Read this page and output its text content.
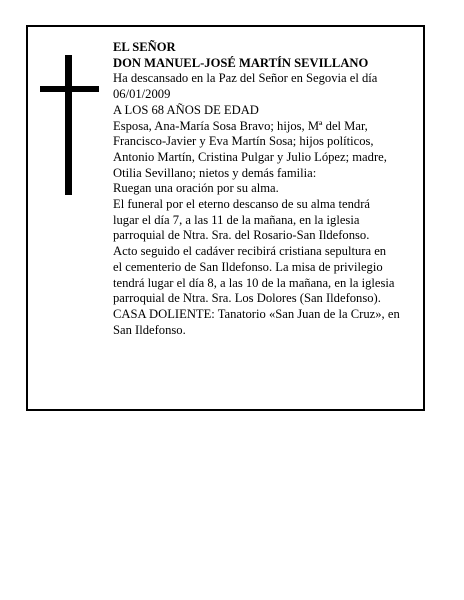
EL SEÑOR

DON MANUEL-JOSÉ MARTÍN SEVILLANO

Ha descansado en la Paz del Señor en Segovia el día

06/01/2009

A LOS 68 AÑOS DE EDAD

Esposa, Ana-María Sosa Bravo; hijos, Mª del Mar,

Francisco-Javier y Eva Martín Sosa; hijos políticos,

Antonio Martín, Cristina Pulgar y Julio López; madre,

Otilia Sevillano; nietos y demás familia:

Ruegan una oración por su alma.

El funeral por el eterno descanso de su alma tendrá

lugar el día 7, a las 11 de la mañana, en la iglesia

parroquial de Ntra. Sra. del Rosario-San Ildefonso.

Acto seguido el cadáver recibirá cristiana sepultura en

el cementerio de San Ildefonso. La misa de privilegio

tendrá lugar el día 8, a las 10 de la mañana, en la iglesia

parroquial de Ntra. Sra. Los Dolores (San Ildefonso).

CASA DOLIENTE: Tanatorio «San Juan de la Cruz», en

San Ildefonso.
